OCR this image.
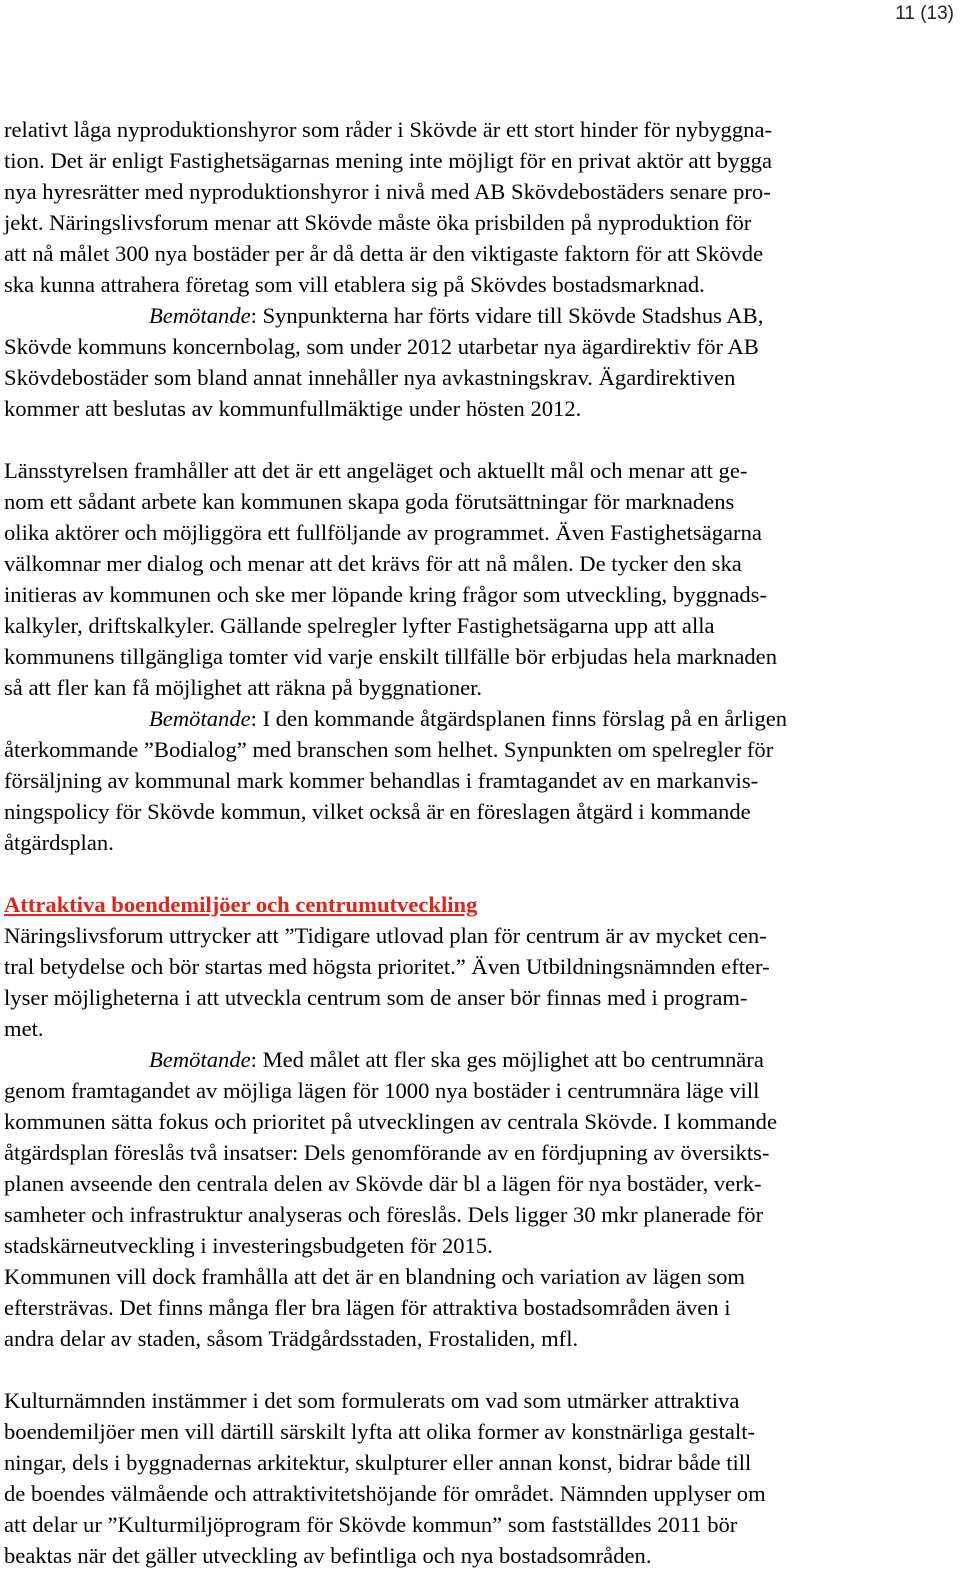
11 (13)
relativt låga nyproduktionshyror som råder i Skövde är ett stort hinder för nybyggna-
tion. Det är enligt Fastighetsägarnas mening inte möjligt för en privat aktör att bygga
nya hyresrätter med nyproduktionshyror i nivå med AB Skövdebostäders senare pro-
jekt. Näringslivsforum menar att Skövde måste öka prisbilden på nyproduktion för
att nå målet 300 nya bostäder per år då detta är den viktigaste faktorn för att Skövde
ska kunna attrahera företag som vill etablera sig på Skövdes bostadsmarknad.
Bemötande: Synpunkterna har förts vidare till Skövde Stadshus AB,
Skövde kommuns koncernbolag, som under 2012 utarbetar nya ägardirektiv för AB
Skövdebostäder som bland annat innehåller nya avkastningskrav. Ägardirektiven
kommer att beslutas av kommunfullmäktige under hösten 2012.
Länsstyrelsen framhåller att det är ett angeläget och aktuellt mål och menar att ge-
nom ett sådant arbete kan kommunen skapa goda förutsättningar för marknadens
olika aktörer och möjliggöra ett fullföljande av programmet. Även Fastighetsägarna
välkomnar mer dialog och menar att det krävs för att nå målen. De tycker den ska
initieras av kommunen och ske mer löpande kring frågor som utveckling, byggnads-
kalkyler, driftskalkyler. Gällande spelregler lyfter Fastighetsägarna upp att alla
kommunens tillgängliga tomter vid varje enskilt tillfälle bör erbjudas hela marknaden
så att fler kan få möjlighet att räkna på byggnationer.
Bemötande: I den kommande åtgärdsplanen finns förslag på en årligen
återkommande ”Bodialog” med branschen som helhet. Synpunkten om spelregler för
försäljning av kommunal mark kommer behandlas i framtagandet av en markanvis-
ningspolicy för Skövde kommun, vilket också är en föreslagen åtgärd i kommande
åtgärdsplan.
Attraktiva boendemiljöer och centrumutveckling
Näringslivsforum uttrycker att ”Tidigare utlovad plan för centrum är av mycket cen-
tral betydelse och bör startas med högsta prioritet.” Även Utbildningsnämnden efter-
lyser möjligheterna i att utveckla centrum som de anser bör finnas med i program-
met.
Bemötande: Med målet att fler ska ges möjlighet att bo centrumnära
genom framtagandet av möjliga lägen för 1000 nya bostäder i centrumnära läge vill
kommunen sätta fokus och prioritet på utvecklingen av centrala Skövde. I kommande
åtgärdsplan föreslås två insatser: Dels genomförande av en fördjupning av översikts-
planen avseende den centrala delen av Skövde där bl a lägen för nya bostäder, verk-
samheter och infrastruktur analyseras och föreslås. Dels ligger 30 mkr planerade för
stadskärneutveckling i investeringsbudgeten för 2015.
Kommunen vill dock framhålla att det är en blandning och variation av lägen som
eftersträvas. Det finns många fler bra lägen för attraktiva bostadsområden även i
andra delar av staden, såsom Trädgårdsstaden, Frostaliden, mfl.
Kulturnämnden instämmer i det som formulerats om vad som utmärker attraktiva
boendemiljöer men vill därtill särskilt lyfta att olika former av konstnärliga gestalt-
ningar, dels i byggnadernas arkitektur, skulpturer eller annan konst, bidrar både till
de boendes välmående och attraktivitetshöjande för området. Nämnden upplyser om
att delar ur ”Kulturmiljöprogram för Skövde kommun” som fastställdes 2011 bör
beaktas när det gäller utveckling av befintliga och nya bostadsområden.
